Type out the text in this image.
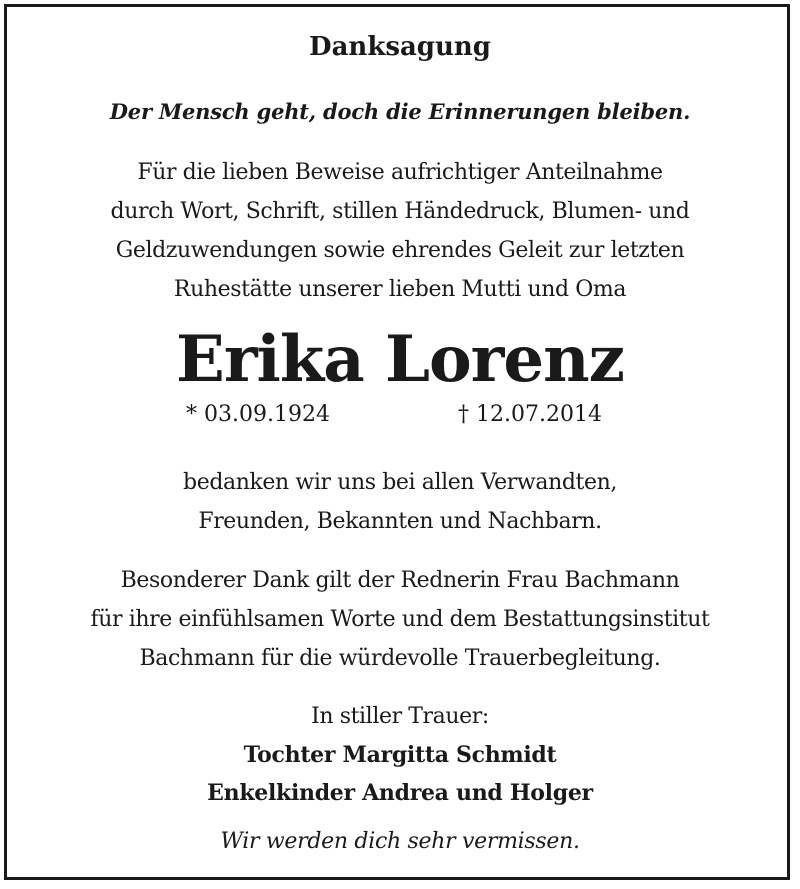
Danksagung
Der Mensch geht, doch die Erinnerungen bleiben.
Für die lieben Beweise aufrichtiger Anteilnahme
durch Wort, Schrift, stillen Händedruck, Blumen- und
Geldzuwendungen sowie ehrendes Geleit zur letzten
Ruhestätte unserer lieben Mutti und Oma
Erika Lorenz
* 03.09.1924	† 12.07.2014
bedanken wir uns bei allen Verwandten,
Freunden, Bekannten und Nachbarn.
Besonderer Dank gilt der Rednerin Frau Bachmann
für ihre einfühlsamen Worte und dem Bestattungsinstitut
Bachmann für die würdevolle Trauerbegleitung.
In stiller Trauer:
Tochter Margitta Schmidt
Enkelkinder Andrea und Holger
Wir werden dich sehr vermissen.
